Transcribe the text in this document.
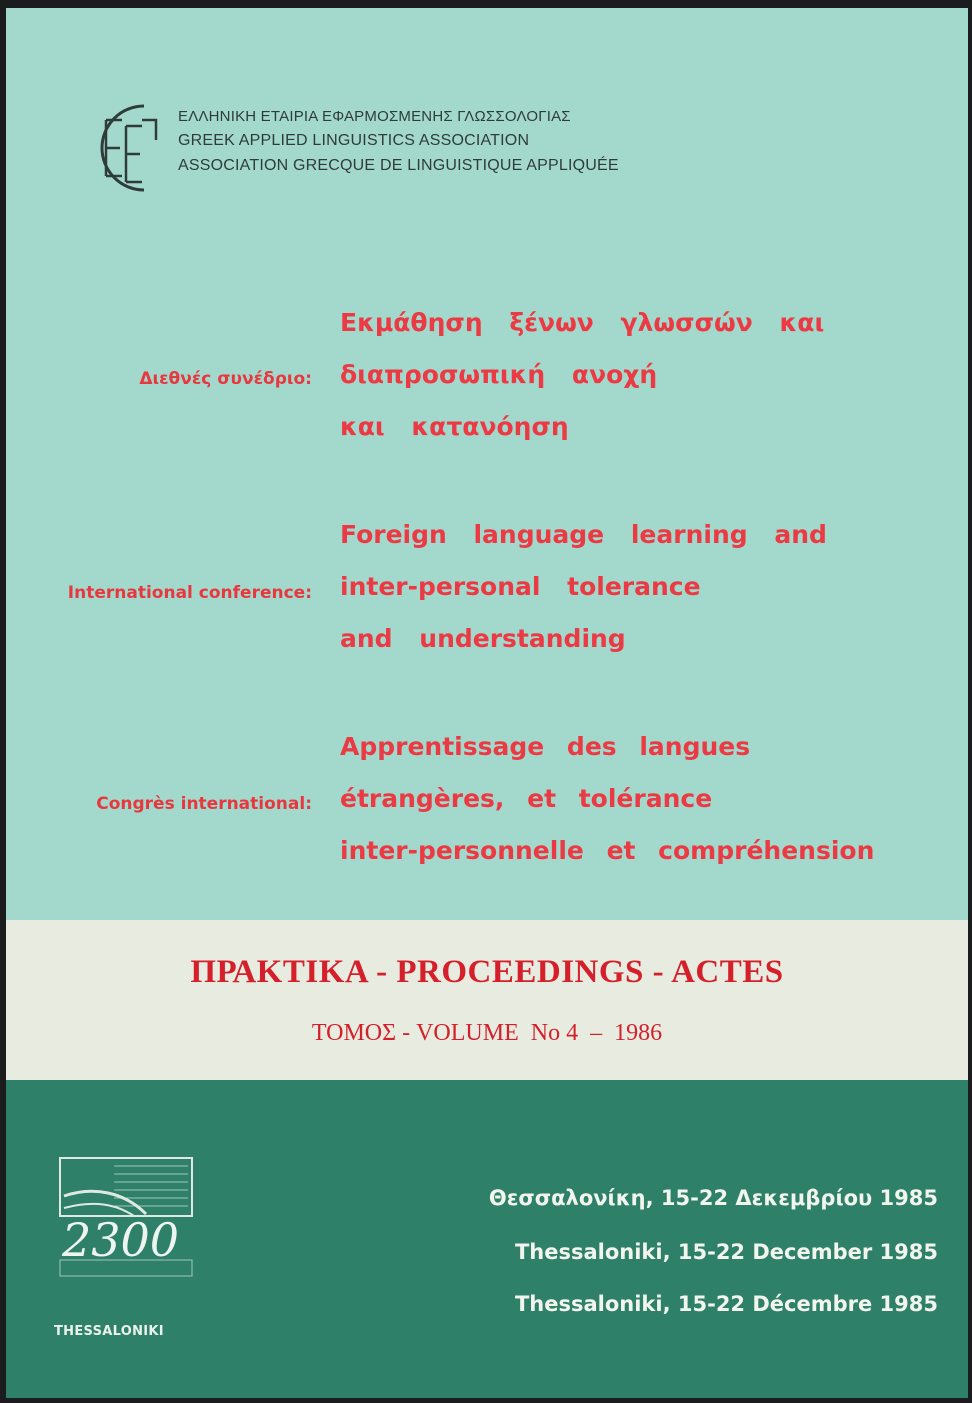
ΕΛΛΗΝΙΚΗ ΕΤΑΙΡΙΑ ΕΦΑΡΜΟΣΜΕΝΗΣ ΓΛΩΣΣΟΛΟΓΙΑΣ
GREEK APPLIED LINGUISTICS ASSOCIATION
ASSOCIATION GRECQUE DE LINGUISTIQUE APPLIQUÉE
Διεθνές συνέδριο:
Εκμάθηση ξένων γλωσσών και
διαπροσωπική ανοχή
και κατανόηση
International conference:
Foreign language learning and
inter-personal tolerance
and understanding
Congrès international:
Apprentissage des langues
étrangères, et tolérance
inter-personnelle et compréhension
ΠΡΑΚΤΙΚΑ - PROCEEDINGS - ACTES
ΤΟΜΟΣ - VOLUME  No 4  –  1986
2300
THESSALONIKI
Θεσσαλονίκη, 15-22 Δεκεμβρίου 1985
Thessaloniki, 15-22 December 1985
Thessaloniki, 15-22 Décembre 1985
